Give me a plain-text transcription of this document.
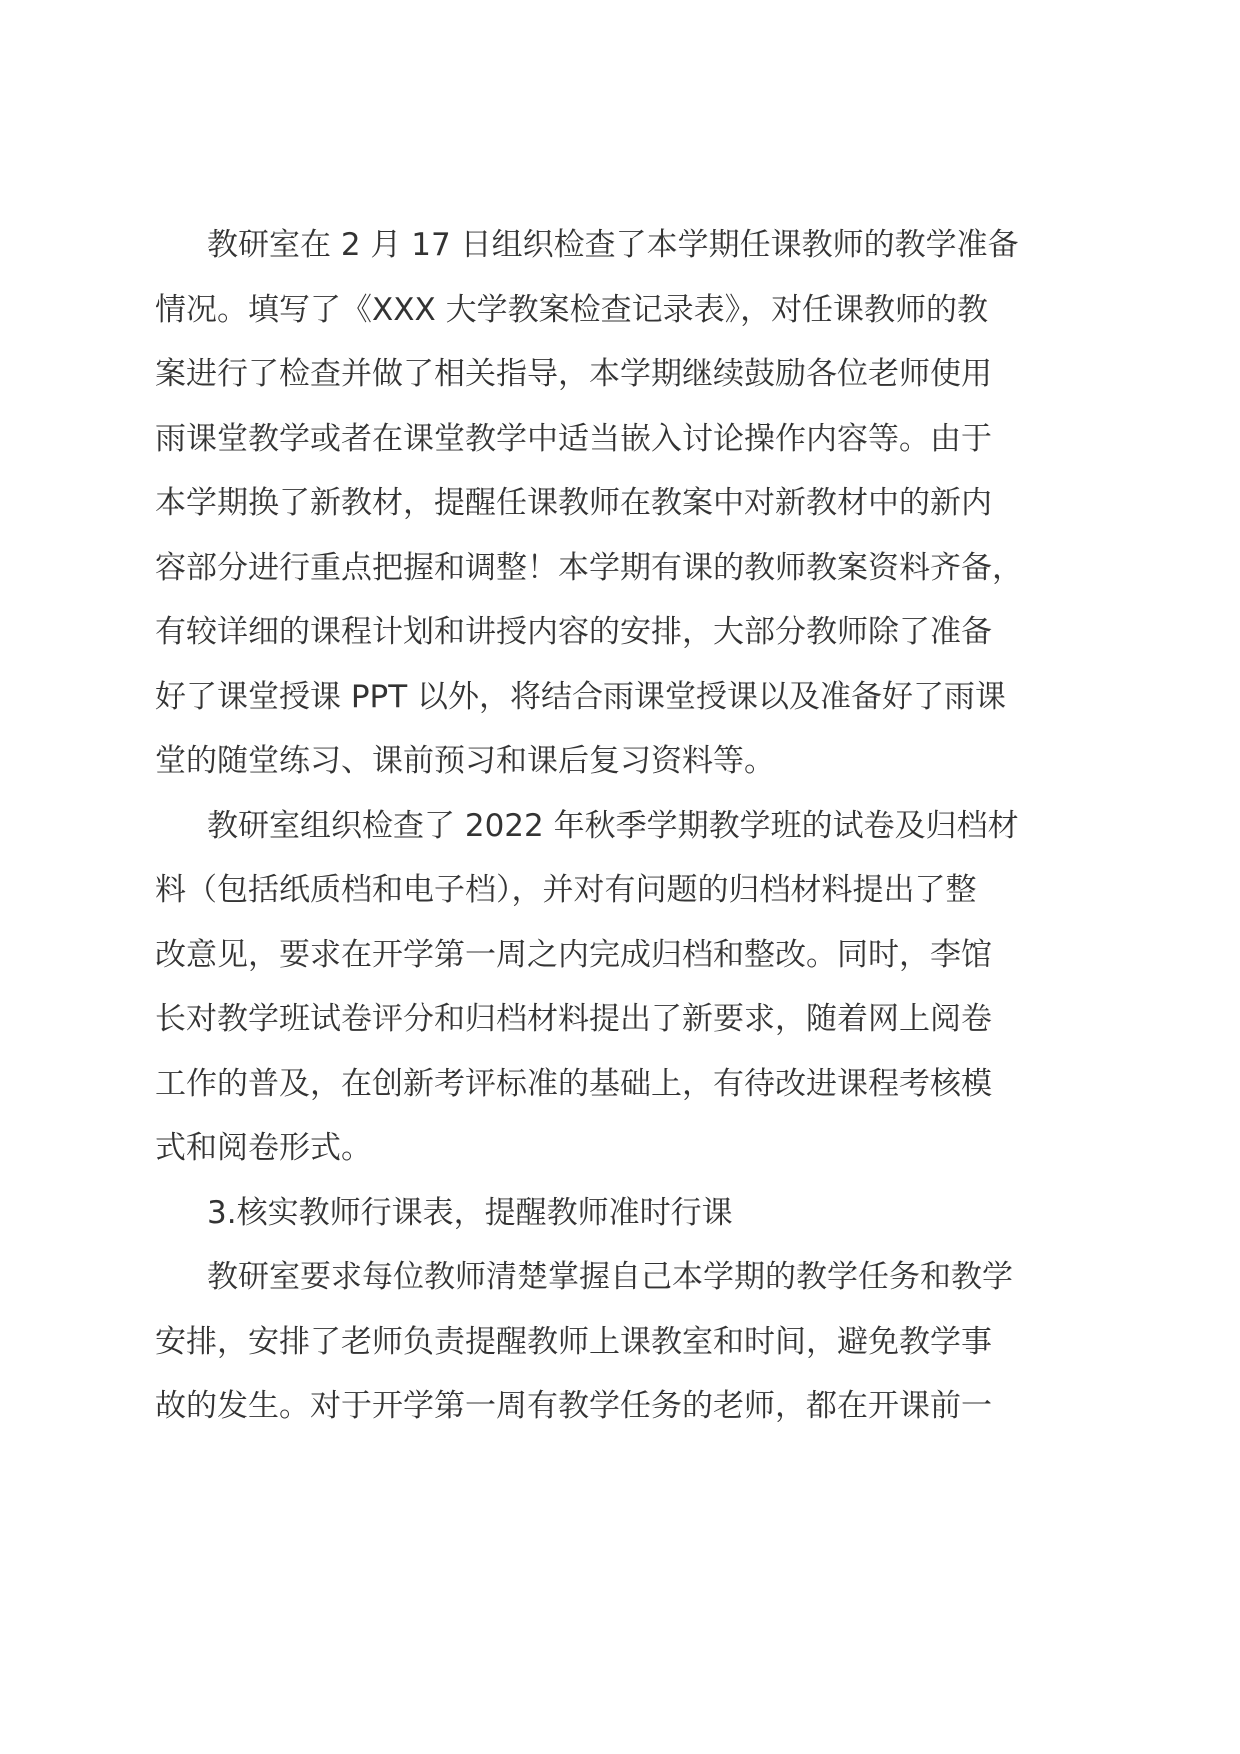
教研室在 2 月 17 日组织检查了本学期任课教师的教学准备
情况。填写了《XXX 大学教案检查记录表》，对任课教师的教
案进行了检查并做了相关指导，本学期继续鼓励各位老师使用
雨课堂教学或者在课堂教学中适当嵌入讨论操作内容等。由于
本学期换了新教材，提醒任课教师在教案中对新教材中的新内
容部分进行重点把握和调整！本学期有课的教师教案资料齐备，
有较详细的课程计划和讲授内容的安排，大部分教师除了准备
好了课堂授课 PPT 以外，将结合雨课堂授课以及准备好了雨课
堂的随堂练习、课前预习和课后复习资料等。
教研室组织检查了 2022 年秋季学期教学班的试卷及归档材
料（包括纸质档和电子档），并对有问题的归档材料提出了整
改意见，要求在开学第一周之内完成归档和整改。同时，李馆
长对教学班试卷评分和归档材料提出了新要求，随着网上阅卷
工作的普及，在创新考评标准的基础上，有待改进课程考核模
式和阅卷形式。
3.核实教师行课表，提醒教师准时行课
教研室要求每位教师清楚掌握自己本学期的教学任务和教学
安排，安排了老师负责提醒教师上课教室和时间，避免教学事
故的发生。对于开学第一周有教学任务的老师，都在开课前一
